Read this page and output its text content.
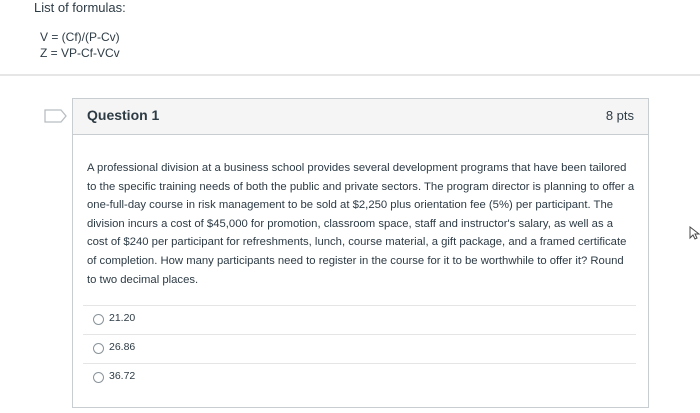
List of formulas:
V = (Cf)/(P-Cv)
Z = VP-Cf-VCv
Question 1	8 pts
A professional division at a business school provides several development programs that have been tailored to the specific training needs of both the public and private sectors. The program director is planning to offer a one-full-day course in risk management to be sold at $2,250 plus orientation fee (5%) per participant. The division incurs a cost of $45,000 for promotion, classroom space, staff and instructor's salary, as well as a cost of $240 per participant for refreshments, lunch, course material, a gift package, and a framed certificate of completion. How many participants need to register in the course for it to be worthwhile to offer it? Round to two decimal places.
21.20
26.86
36.72
